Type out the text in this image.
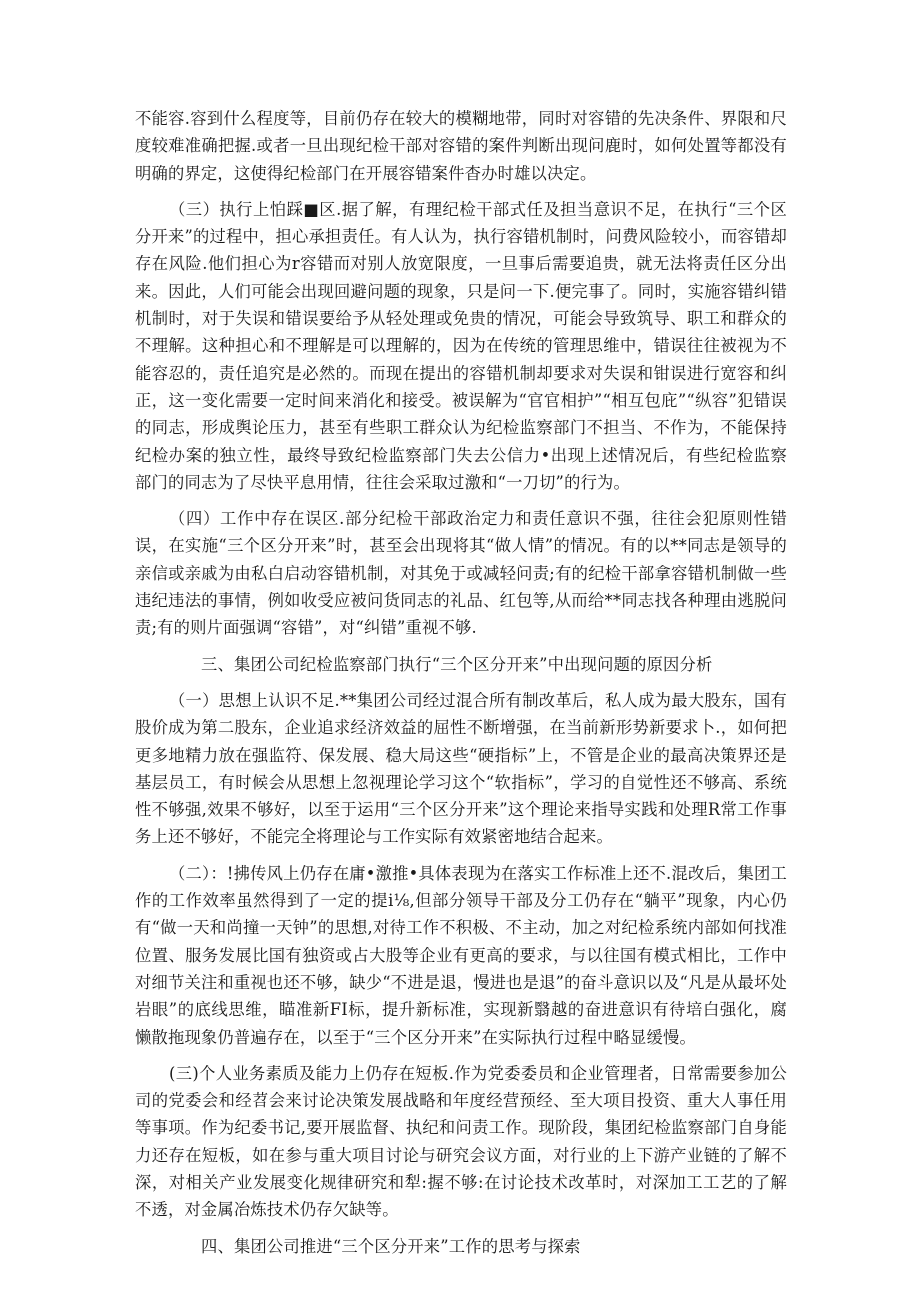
不能容.容到什么程度等，目前仍存在较大的模糊地带，同时对容错的先决条件、界限和尺度较难准确把握.或者一旦出现纪检干部对容错的案件判断出现问鹿时，如何处置等都没有明确的界定，这使得纪检部门在开展容错案件杳办时雄以决定。

（三）执行上怕踩■区.据了解，有理纪检干部式任及担当意识不足，在执行“三个区分开来”的过程中，担心承担责任。有人认为，执行容错机制时，问费风险较小，而容错却存在风险.他们担心为r容错而对别人放宽限度，一旦事后需要追贵，就无法将责任区分出来。因此，人们可能会出现回避问题的现象，只是问一下.便完事了。同时，实施容错纠错机制时，对于失误和错误要给予从轻处理或免贵的情况，可能会导致筑导、职工和群众的不理解。这种担心和不理解是可以理解的，因为在传统的管理思维中，错误往往被视为不能容忍的，责任追究是必然的。而现在提出的容错机制却要求对失误和钳误进行宽容和纠正，这一变化需要一定时间来消化和接受。被误解为“官官相护”“相互包庇”“纵容”犯错误的同志，形成舆论压力，甚至有些职工群众认为纪检监察部门不担当、不作为，不能保持纪检办案的独立性，最终导致纪检监察部门失去公信力•出现上述情况后，有些纪检监察部门的同志为了尽快平息用情，往往会采取过激和“一刀切”的行为。

（四）工作中存在误区.部分纪检干部政治定力和责任意识不强，往往会犯原则性错误，在实施“三个区分开来”时，甚至会出现将其“做人情”的情况。有的以**同志是领导的亲信或亲戚为由私白启动容错机制，对其免于或减轻问责;有的纪检干部拿容错机制做一些违纪违法的事情，例如收受应被问货同志的礼品、红包等,从而给**同志找各种理由逃脱问责;有的则片面强调“容错”，对“纠错”重视不够.

三、集团公司纪检监察部门执行“三个区分开来”中出现问题的原因分析

（一）思想上认识不足.**集团公司经过混合所有制改革后，私人成为最大股东，国有股价成为第二股东，企业追求经济效益的屈性不断增强，在当前新形势新要求卜.，如何把更多地精力放在强监符、保发展、稳大局这些“硬指标”上，不管是企业的最高决策界还是基层员工，有时候会从思想上忽视理论学习这个“软指标”，学习的自觉性还不够高、系统性不够强,效果不够好，以至于运用“三个区分开来”这个理论来指导实践和处理R常工作事务上还不够好，不能完全将理论与工作实际有效紧密地结合起来。

（二）：!拂传风上仍存在庸•激推•具体表现为在落实工作标准上还不.混改后，集团工作的工作效率虽然得到了一定的提i⅛,但部分领导干部及分工仍存在“躺平”现象，内心仍有“做一天和尚撞一天钟”的思想,对待工作不积极、不主动，加之对纪检系统内部如何找准位置、服务发展比国有独资或占大股等企业有更高的要求，与以往国有模式相比，工作中对细节关注和重视也还不够，缺少“不进是退，慢进也是退”的奋斗意识以及“凡是从最坏处岩眼”的底线思维，瞄准新FI标，提升新标准，实现新翳越的奋进意识有待培白强化，腐懒散拖现象仍普遍存在，以至于“三个区分开来”在实际执行过程中略显缓慢。

(三)个人业务素质及能力上仍存在短板.作为党委委员和企业管理者，日常需要参加公司的党委会和经苕会来讨论决策发展战略和年度经营预经、至大项目投资、重大人事任用等事项。作为纪委书记,要开展监督、执纪和问责工作。现阶段，集团纪检监察部门自身能力还存在短板，如在参与重大项目讨论与研究会议方面，对行业的上下游产业链的了解不深，对相关产业发展变化规律研究和犁:握不够:在讨论技术改革时，对深加工工艺的了解不透，对金属冶炼技术仍存欠缺等。

四、集团公司推进“三个区分开来”工作的思考与探索
